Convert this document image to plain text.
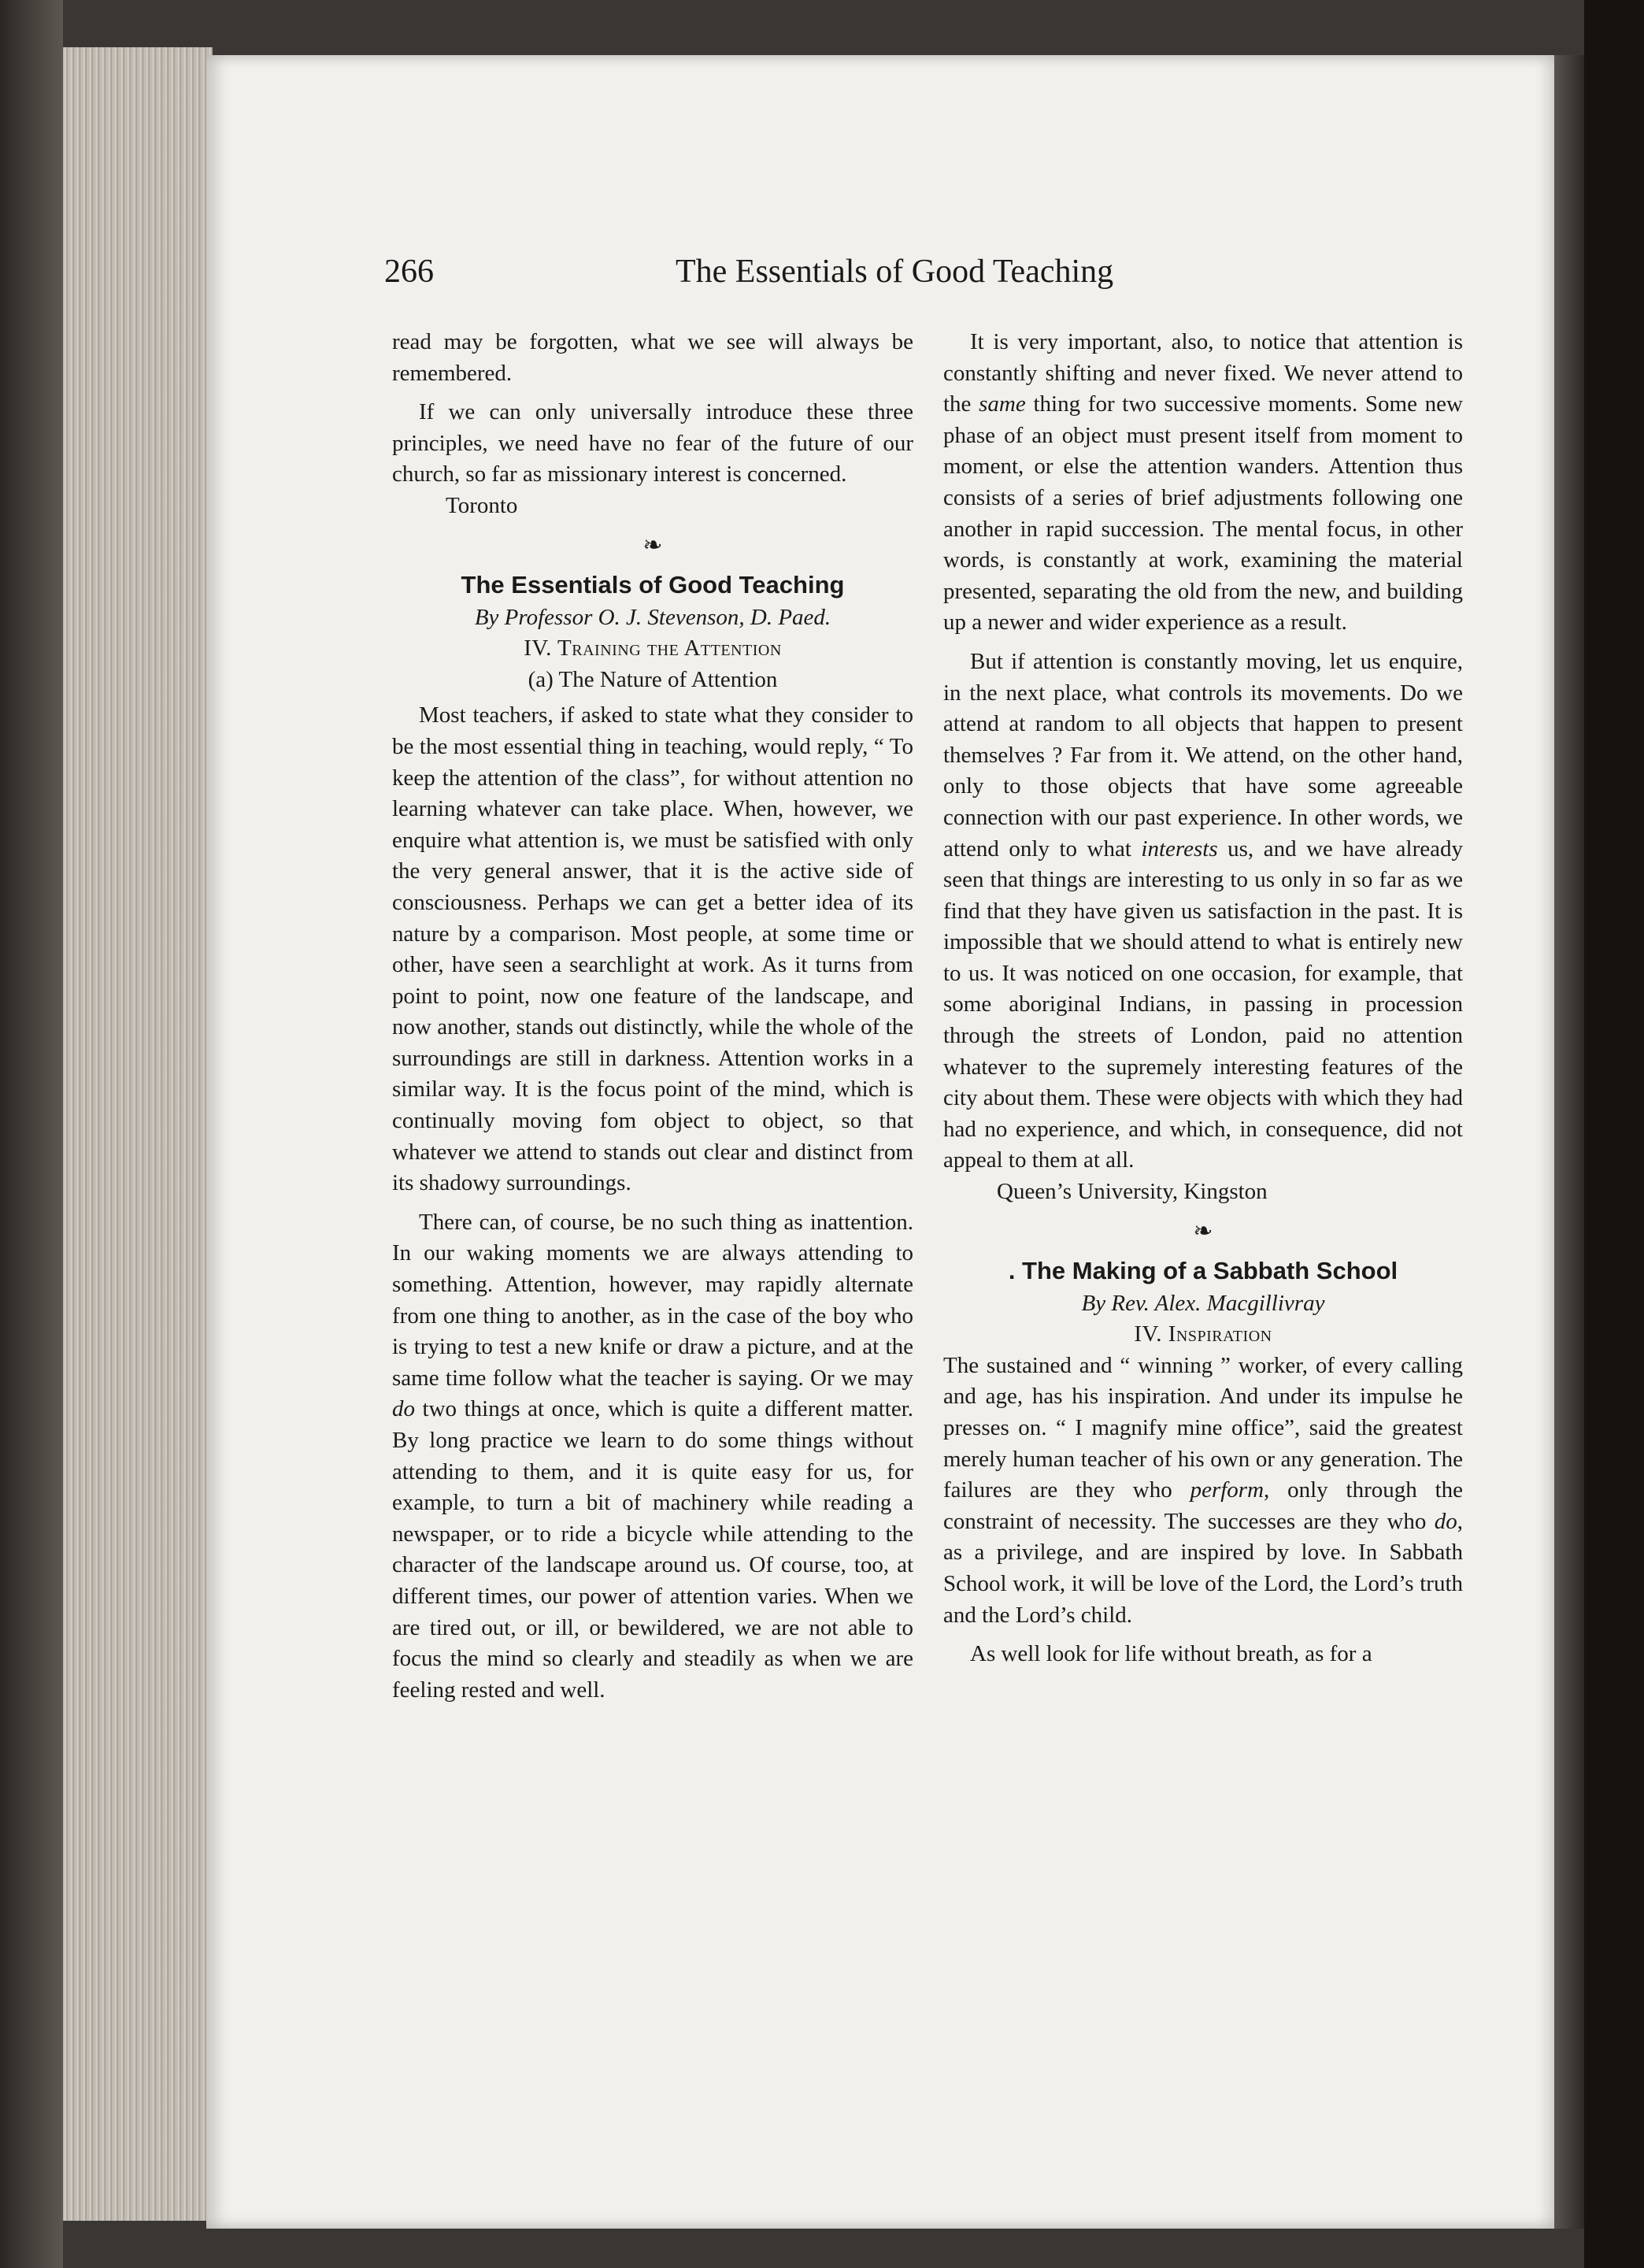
266	The Essentials of Good Teaching

read may be forgotten, what we see will always be remembered.

If we can only universally introduce these three principles, we need have no fear of the future of our church, so far as missionary interest is concerned.

Toronto

❧
The Essentials of Good Teaching
By Professor O. J. Stevenson, D. Paed.
IV. Training the Attention
(a) The Nature of Attention

Most teachers, if asked to state what they consider to be the most essential thing in teaching, would reply, “ To keep the attention of the class”, for without attention no learning whatever can take place. When, however, we enquire what attention is, we must be satisfied with only the very general answer, that it is the active side of consciousness. Perhaps we can get a better idea of its nature by a comparison. Most people, at some time or other, have seen a searchlight at work. As it turns from point to point, now one feature of the landscape, and now another, stands out distinctly, while the whole of the surroundings are still in darkness. Attention works in a similar way. It is the focus point of the mind, which is continually moving fom object to object, so that whatever we attend to stands out clear and distinct from its shadowy surroundings.

There can, of course, be no such thing as inattention. In our waking moments we are always attending to something. Attention, however, may rapidly alternate from one thing to another, as in the case of the boy who is trying to test a new knife or draw a picture, and at the same time follow what the teacher is saying. Or we may do two things at once, which is quite a different matter. By long practice we learn to do some things without attending to them, and it is quite easy for us, for example, to turn a bit of machinery while reading a newspaper, or to ride a bicycle while attending to the character of the landscape around us. Of course, too, at different times, our power of attention varies. When we are tired out, or ill, or bewildered, we are not able to focus the mind so clearly and steadily as when we are feeling rested and well.

It is very important, also, to notice that attention is constantly shifting and never fixed. We never attend to the same thing for two successive moments. Some new phase of an object must present itself from moment to moment, or else the attention wanders. Attention thus consists of a series of brief adjustments following one another in rapid succession. The mental focus, in other words, is constantly at work, examining the material presented, separating the old from the new, and building up a newer and wider experience as a result.

But if attention is constantly moving, let us enquire, in the next place, what controls its movements. Do we attend at random to all objects that happen to present themselves ? Far from it. We attend, on the other hand, only to those objects that have some agreeable connection with our past experience. In other words, we attend only to what interests us, and we have already seen that things are interesting to us only in so far as we find that they have given us satisfaction in the past. It is impossible that we should attend to what is entirely new to us. It was noticed on one occasion, for example, that some aboriginal Indians, in passing in procession through the streets of London, paid no attention whatever to the supremely interesting features of the city about them. These were objects with which they had had no experience, and which, in consequence, did not appeal to them at all.

Queen’s University, Kingston

❧
. The Making of a Sabbath School
By Rev. Alex. Macgillivray
IV. Inspiration

The sustained and “ winning ” worker, of every calling and age, has his inspiration. And under its impulse he presses on. “ I magnify mine office”, said the greatest merely human teacher of his own or any generation. The failures are they who perform, only through the constraint of necessity. The successes are they who do, as a privilege, and are inspired by love. In Sabbath School work, it will be love of the Lord, the Lord’s truth and the Lord’s child.

As well look for life without breath, as for a
